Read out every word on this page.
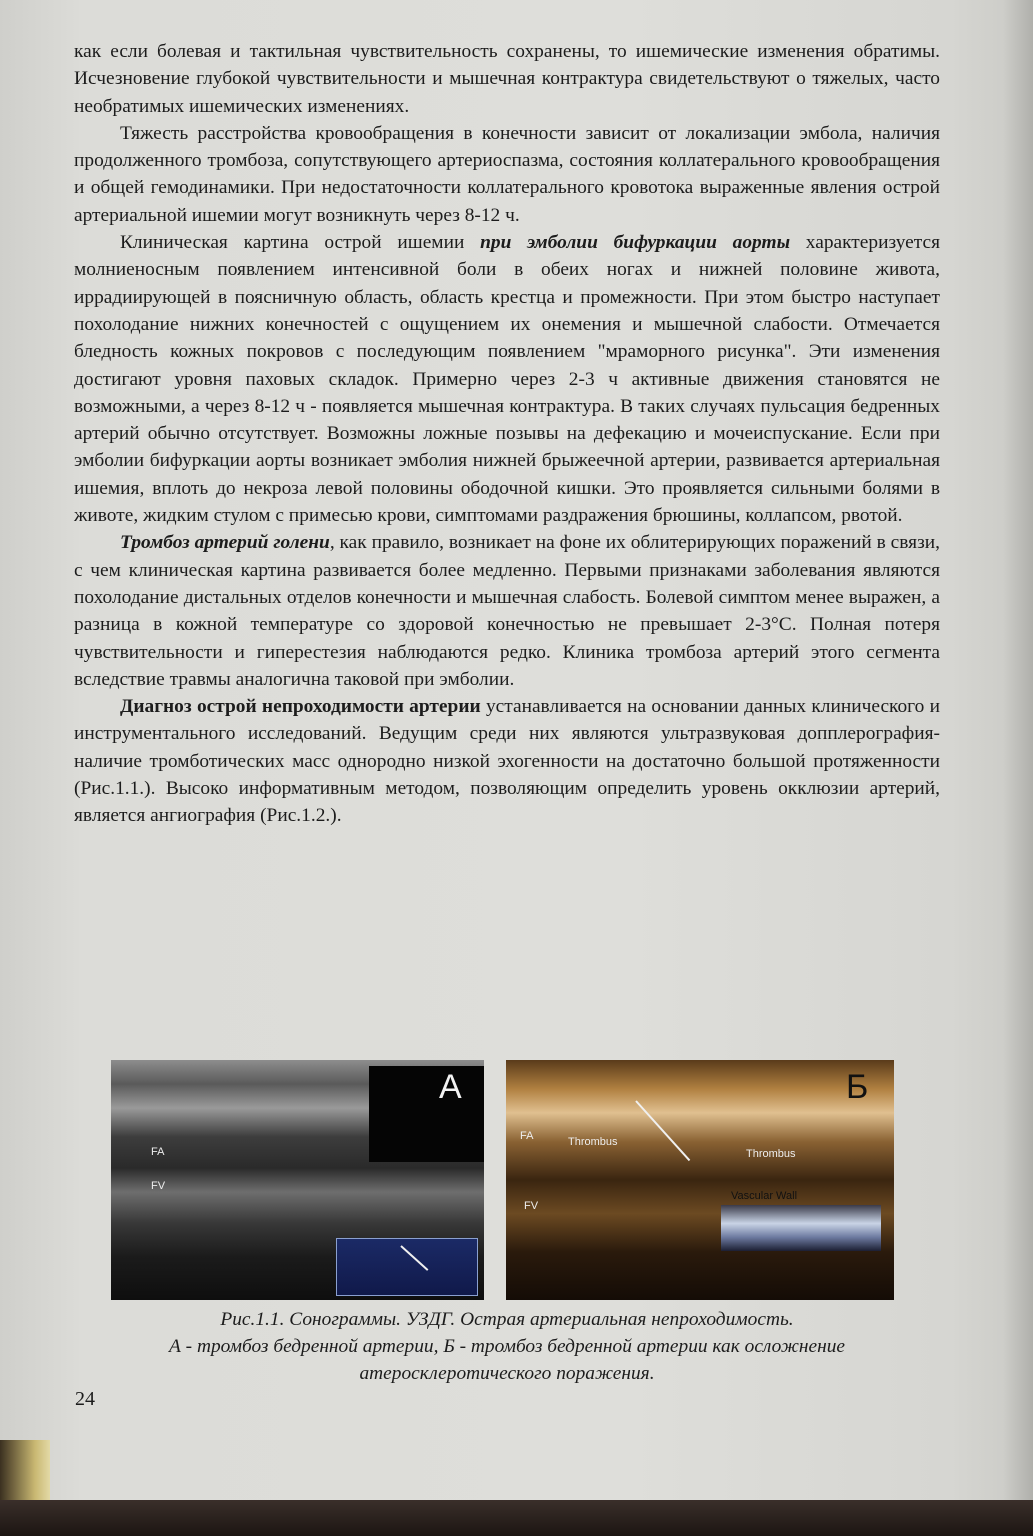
как если болевая и тактильная чувствительность сохранены, то ишемические изменения обратимы. Исчезновение глубокой чувствительности и мышечная контрактура свидетельствуют о тяжелых, часто необратимых ишемических изменениях.

Тяжесть расстройства кровообращения в конечности зависит от локализации эмбола, наличия продолженного тромбоза, сопутствующего артериоспазма, состояния коллатерального кровообращения и общей гемодинамики. При недостаточности коллатерального кровотока выраженные явления острой артериальной ишемии могут возникнуть через 8-12 ч.

Клиническая картина острой ишемии при эмболии бифуркации аорты характеризуется молниеносным появлением интенсивной боли в обеих ногах и нижней половине живота, иррадиирующей в поясничную область, область крестца и промежности. При этом быстро наступает похолодание нижних конечностей с ощущением их онемения и мышечной слабости. Отмечается бледность кожных покровов с последующим появлением "мраморного рисунка". Эти изменения достигают уровня паховых складок. Примерно через 2-3 ч активные движения становятся не возможными, а через 8-12 ч - появляется мышечная контрактура. В таких случаях пульсация бедренных артерий обычно отсутствует. Возможны ложные позывы на дефекацию и мочеиспускание. Если при эмболии бифуркации аорты возникает эмболия нижней брыжеечной артерии, развивается артериальная ишемия, вплоть до некроза левой половины ободочной кишки. Это проявляется сильными болями в животе, жидким стулом с примесью крови, симптомами раздражения брюшины, коллапсом, рвотой.

Тромбоз артерий голени, как правило, возникает на фоне их облитерирующих поражений в связи, с чем клиническая картина развивается более медленно. Первыми признаками заболевания являются похолодание дистальных отделов конечности и мышечная слабость. Болевой симптом менее выражен, а разница в кожной температуре со здоровой конечностью не превышает 2-3°С. Полная потеря чувствительности и гиперестезия наблюдаются редко. Клиника тромбоза артерий этого сегмента вследствие травмы аналогична таковой при эмболии.

Диагноз острой непроходимости артерии устанавливается на основании данных клинического и инструментального исследований. Ведущим среди них являются ультразвуковая допплерография- наличие тромботических масс однородно низкой эхогенности на достаточно большой протяженности (Рис.1.1.). Высоко информативным методом, позволяющим определить уровень окклюзии артерий, является ангиография (Рис.1.2.).

А
FA
FV
Б
FA	Thrombus
Thrombus
Vascular Wall
FV
Рис.1.1. Сонограммы. УЗДГ. Острая артериальная непроходимость.
А - тромбоз бедренной артерии, Б - тромбоз бедренной артерии как осложнение
атеросклеротического поражения.
24
